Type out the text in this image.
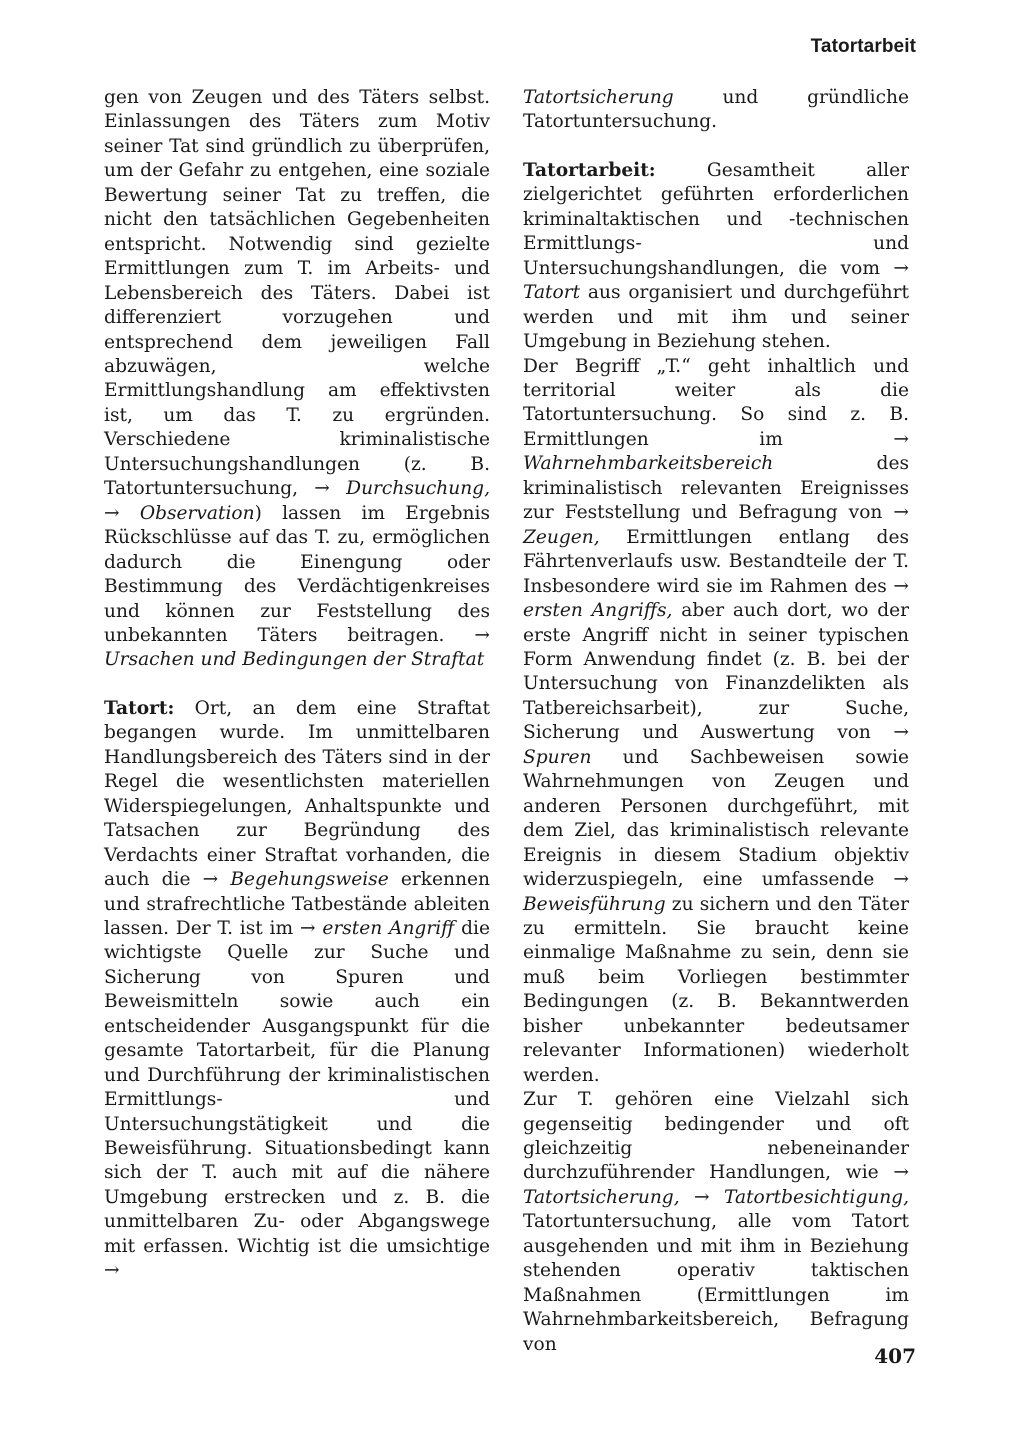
Tatortarbeit

gen von Zeugen und des Täters selbst. Einlassungen des Täters zum Motiv seiner Tat sind gründlich zu überprüfen, um der Gefahr zu entgehen, eine soziale Bewertung seiner Tat zu treffen, die nicht den tatsächlichen Gegebenheiten entspricht. Notwendig sind gezielte Ermittlungen zum T. im Arbeits- und Lebensbereich des Täters. Dabei ist differenziert vorzugehen und entsprechend dem jeweiligen Fall abzuwägen, welche Ermittlungshandlung am effektivsten ist, um das T. zu ergründen. Verschiedene kriminalistische Untersuchungshandlungen (z. B. Tatortuntersuchung, → Durchsuchung, → Observation) lassen im Ergebnis Rückschlüsse auf das T. zu, ermöglichen dadurch die Einengung oder Bestimmung des Verdächtigenkreises und können zur Feststellung des unbekannten Täters beitragen. → Ursachen und Bedingungen der Straftat

Tatort: Ort, an dem eine Straftat begangen wurde. Im unmittelbaren Handlungsbereich des Täters sind in der Regel die wesentlichsten materiellen Widerspiegelungen, Anhaltspunkte und Tatsachen zur Begründung des Verdachts einer Straftat vorhanden, die auch die → Begehungsweise erkennen und strafrechtliche Tatbestände ableiten lassen. Der T. ist im → ersten Angriff die wichtigste Quelle zur Suche und Sicherung von Spuren und Beweismitteln sowie auch ein entscheidender Ausgangspunkt für die gesamte Tatortarbeit, für die Planung und Durchführung der kriminalistischen Ermittlungs- und Untersuchungstätigkeit und die Beweisführung. Situationsbedingt kann sich der T. auch mit auf die nähere Umgebung erstrecken und z. B. die unmittelbaren Zu- oder Abgangswege mit erfassen. Wichtig ist die umsichtige →

Tatortsicherung und gründliche Tatortuntersuchung.

Tatortarbeit: Gesamtheit aller zielgerichtet geführten erforderlichen kriminaltaktischen und -technischen Ermittlungs- und Untersuchungshandlungen, die vom → Tatort aus organisiert und durchgeführt werden und mit ihm und seiner Umgebung in Beziehung stehen.

Der Begriff „T.“ geht inhaltlich und territorial weiter als die Tatortuntersuchung. So sind z. B. Ermittlungen im → Wahrnehmbarkeitsbereich des kriminalistisch relevanten Ereignisses zur Feststellung und Befragung von → Zeugen, Ermittlungen entlang des Fährtenverlaufs usw. Bestandteile der T. Insbesondere wird sie im Rahmen des → ersten Angriffs, aber auch dort, wo der erste Angriff nicht in seiner typischen Form Anwendung findet (z. B. bei der Untersuchung von Finanzdelikten als Tatbereichsarbeit), zur Suche, Sicherung und Auswertung von → Spuren und Sachbeweisen sowie Wahrnehmungen von Zeugen und anderen Personen durchgeführt, mit dem Ziel, das kriminalistisch relevante Ereignis in diesem Stadium objektiv widerzuspiegeln, eine umfassende → Beweisführung zu sichern und den Täter zu ermitteln. Sie braucht keine einmalige Maßnahme zu sein, denn sie muß beim Vorliegen bestimmter Bedingungen (z. B. Bekanntwerden bisher unbekannter bedeutsamer relevanter Informationen) wiederholt werden.

Zur T. gehören eine Vielzahl sich gegenseitig bedingender und oft gleichzeitig nebeneinander durchzuführender Handlungen, wie → Tatortsicherung, → Tatortbesichtigung, Tatortuntersuchung, alle vom Tatort ausgehenden und mit ihm in Beziehung stehenden operativ taktischen Maßnahmen (Ermittlungen im Wahrnehmbarkeitsbereich, Befragung von	407
